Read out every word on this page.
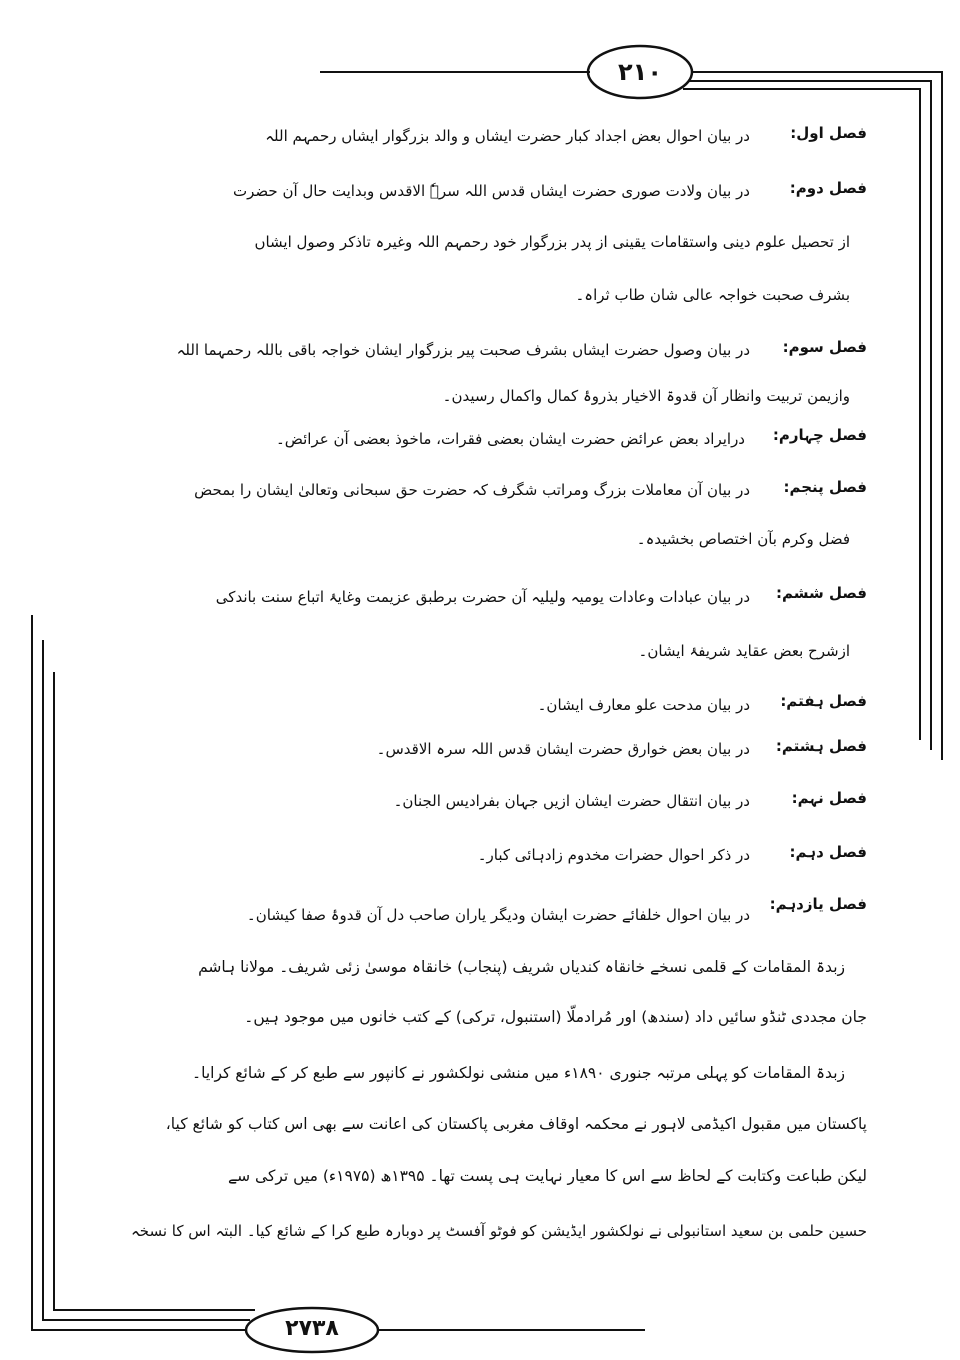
۲۱۰
۲۷۳۸
فصل اول:
در بیان احوال بعض اجداد کبار حضرت ایشاں و والد بزرگوار ایشاں رحمہم اللہ
فصل دوم:
در بیان ولادت صوری حضرت ایشاں قدس اللہ سرہٗ الاقدس وبدایت حال آن حضرت
از تحصیل علوم دینی واستقامات یقینی از پدر بزرگوار خود رحمہم اللہ وغیرہ تاذکر وصول ایشاں
بشرف صحبت خواجہ عالی شان طاب ثراہ۔
فصل سوم:
در بیان وصول حضرت ایشاں بشرف صحبت پیر بزرگوار ایشان خواجہ باقی باللہ رحمہما اللہ
وازیمن تربیت وانظار آن قدوۃ الاخیار بذروۂ کمال واکمال رسیدن۔
فصل چہارم:
درایراد بعض عرائض حضرت ایشان بعضی فقرات، ماخوذ بعضی آن عرائض۔
فصل پنجم:
در بیان آن معاملات بزرگ ومراتب شگرف کہ حضرت حق سبحانی وتعالیٰ ایشان را بمحض
فضل وکرم بآن اختصاص بخشیدہ۔
فصل ششم:
در بیان عبادات وعادات یومیہ ولیلیہ آن حضرت برطبق عزیمت وغایۂ اتباع سنت باندکی
ازشرح بعض عقاید شریفۂ ایشان۔
فصل ہفتم:
در بیان مدحت علو معارف ایشان۔
فصل ہشتم:
در بیان بعض خوارق حضرت ایشان قدس اللہ سرہ الاقدس۔
فصل نہم:
در بیان انتقال حضرت ایشان ازیں جہان بفرادیس الجنان۔
فصل دہم:
در ذکر احوال حضرات مخدوم زادہائی کبار۔
فصل یازدہم:
در بیان احوال خلفائے حضرت ایشان ودیگر یاران صاحب دل آن قدوۂ صفا کیشان۔
زبدۃ المقامات کے قلمی نسخے خانقاہ کندیاں شریف (پنجاب) خانقاہ موسیٰ زئی شریف۔ مولانا ہاشم
جان مجددی ٹنڈو سائیں داد (سندھ) اور مُرادملّا (استنبول، ترکی) کے کتب خانوں میں موجود ہیں۔
زبدۃ المقامات کو پہلی مرتبہ جنوری ۱۸۹۰ء میں منشی نولکشور نے کانپور سے طبع کر کے شائع کرایا۔
پاکستان میں مقبول اکیڈمی لاہور نے محکمہ اوقاف مغربی پاکستان کی اعانت سے بھی اس کتاب کو شائع کیا،
لیکن طباعت وکتابت کے لحاظ سے اس کا معیار نہایت ہی پست تھا۔ ۱۳۹۵ھ (۱۹۷۵ء) میں ترکی سے
حسین حلمی بن سعید استانبولی نے نولکشور ایڈیشن کو فوٹو آفسٹ پر دوبارہ طبع کرا کے شائع کیا۔ البتہ اس کا نسخہ
